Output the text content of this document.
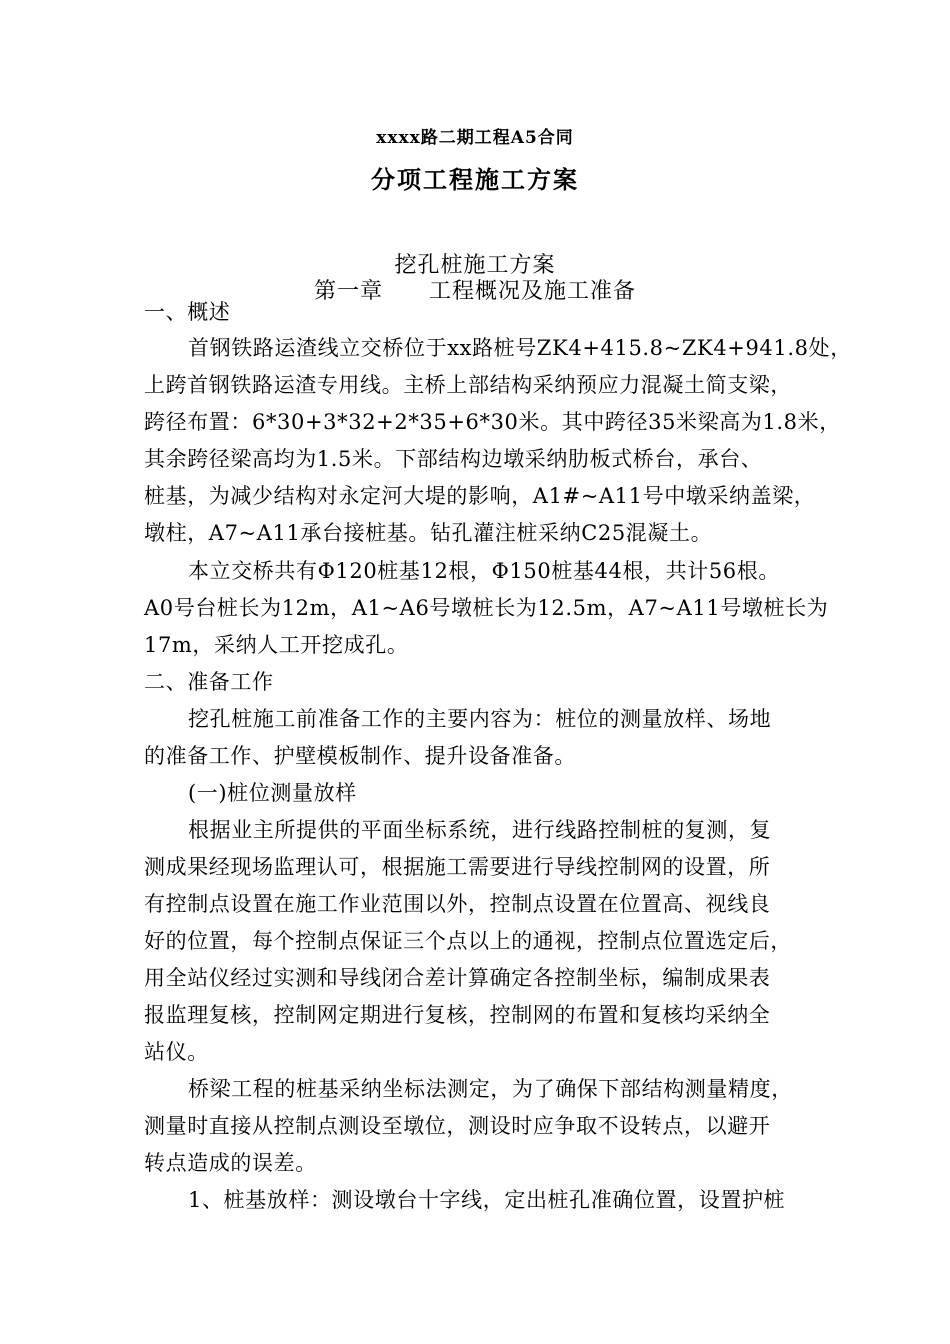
xxxx路二期工程A5合同
分项工程施工方案
挖孔桩施工方案
第一章　　工程概况及施工准备
一、概述
首钢铁路运渣线立交桥位于xx路桩号ZK4+415.8~ZK4+941.8处，
上跨首钢铁路运渣专用线。主桥上部结构采纳预应力混凝土简支梁，
跨径布置：6*30+3*32+2*35+6*30米。其中跨径35米梁高为1.8米，
其余跨径梁高均为1.5米。下部结构边墩采纳肋板式桥台，承台、
桩基，为减少结构对永定河大堤的影响，A1#~A11号中墩采纳盖梁，
墩柱，A7~A11承台接桩基。钻孔灌注桩采纳C25混凝土。
本立交桥共有Φ120桩基12根，Φ150桩基44根，共计56根。
A0号台桩长为12m，A1~A6号墩桩长为12.5m，A7~A11号墩桩长为
17m，采纳人工开挖成孔。
二、准备工作
挖孔桩施工前准备工作的主要内容为：桩位的测量放样、场地
的准备工作、护壁模板制作、提升设备准备。
(一)桩位测量放样
根据业主所提供的平面坐标系统，进行线路控制桩的复测，复
测成果经现场监理认可，根据施工需要进行导线控制网的设置，所
有控制点设置在施工作业范围以外，控制点设置在位置高、视线良
好的位置，每个控制点保证三个点以上的通视，控制点位置选定后，
用全站仪经过实测和导线闭合差计算确定各控制坐标，编制成果表
报监理复核，控制网定期进行复核，控制网的布置和复核均采纳全
站仪。
桥梁工程的桩基采纳坐标法测定，为了确保下部结构测量精度，
测量时直接从控制点测设至墩位，测设时应争取不设转点，以避开
转点造成的误差。
1、桩基放样：测设墩台十字线，定出桩孔准确位置，设置护桩
